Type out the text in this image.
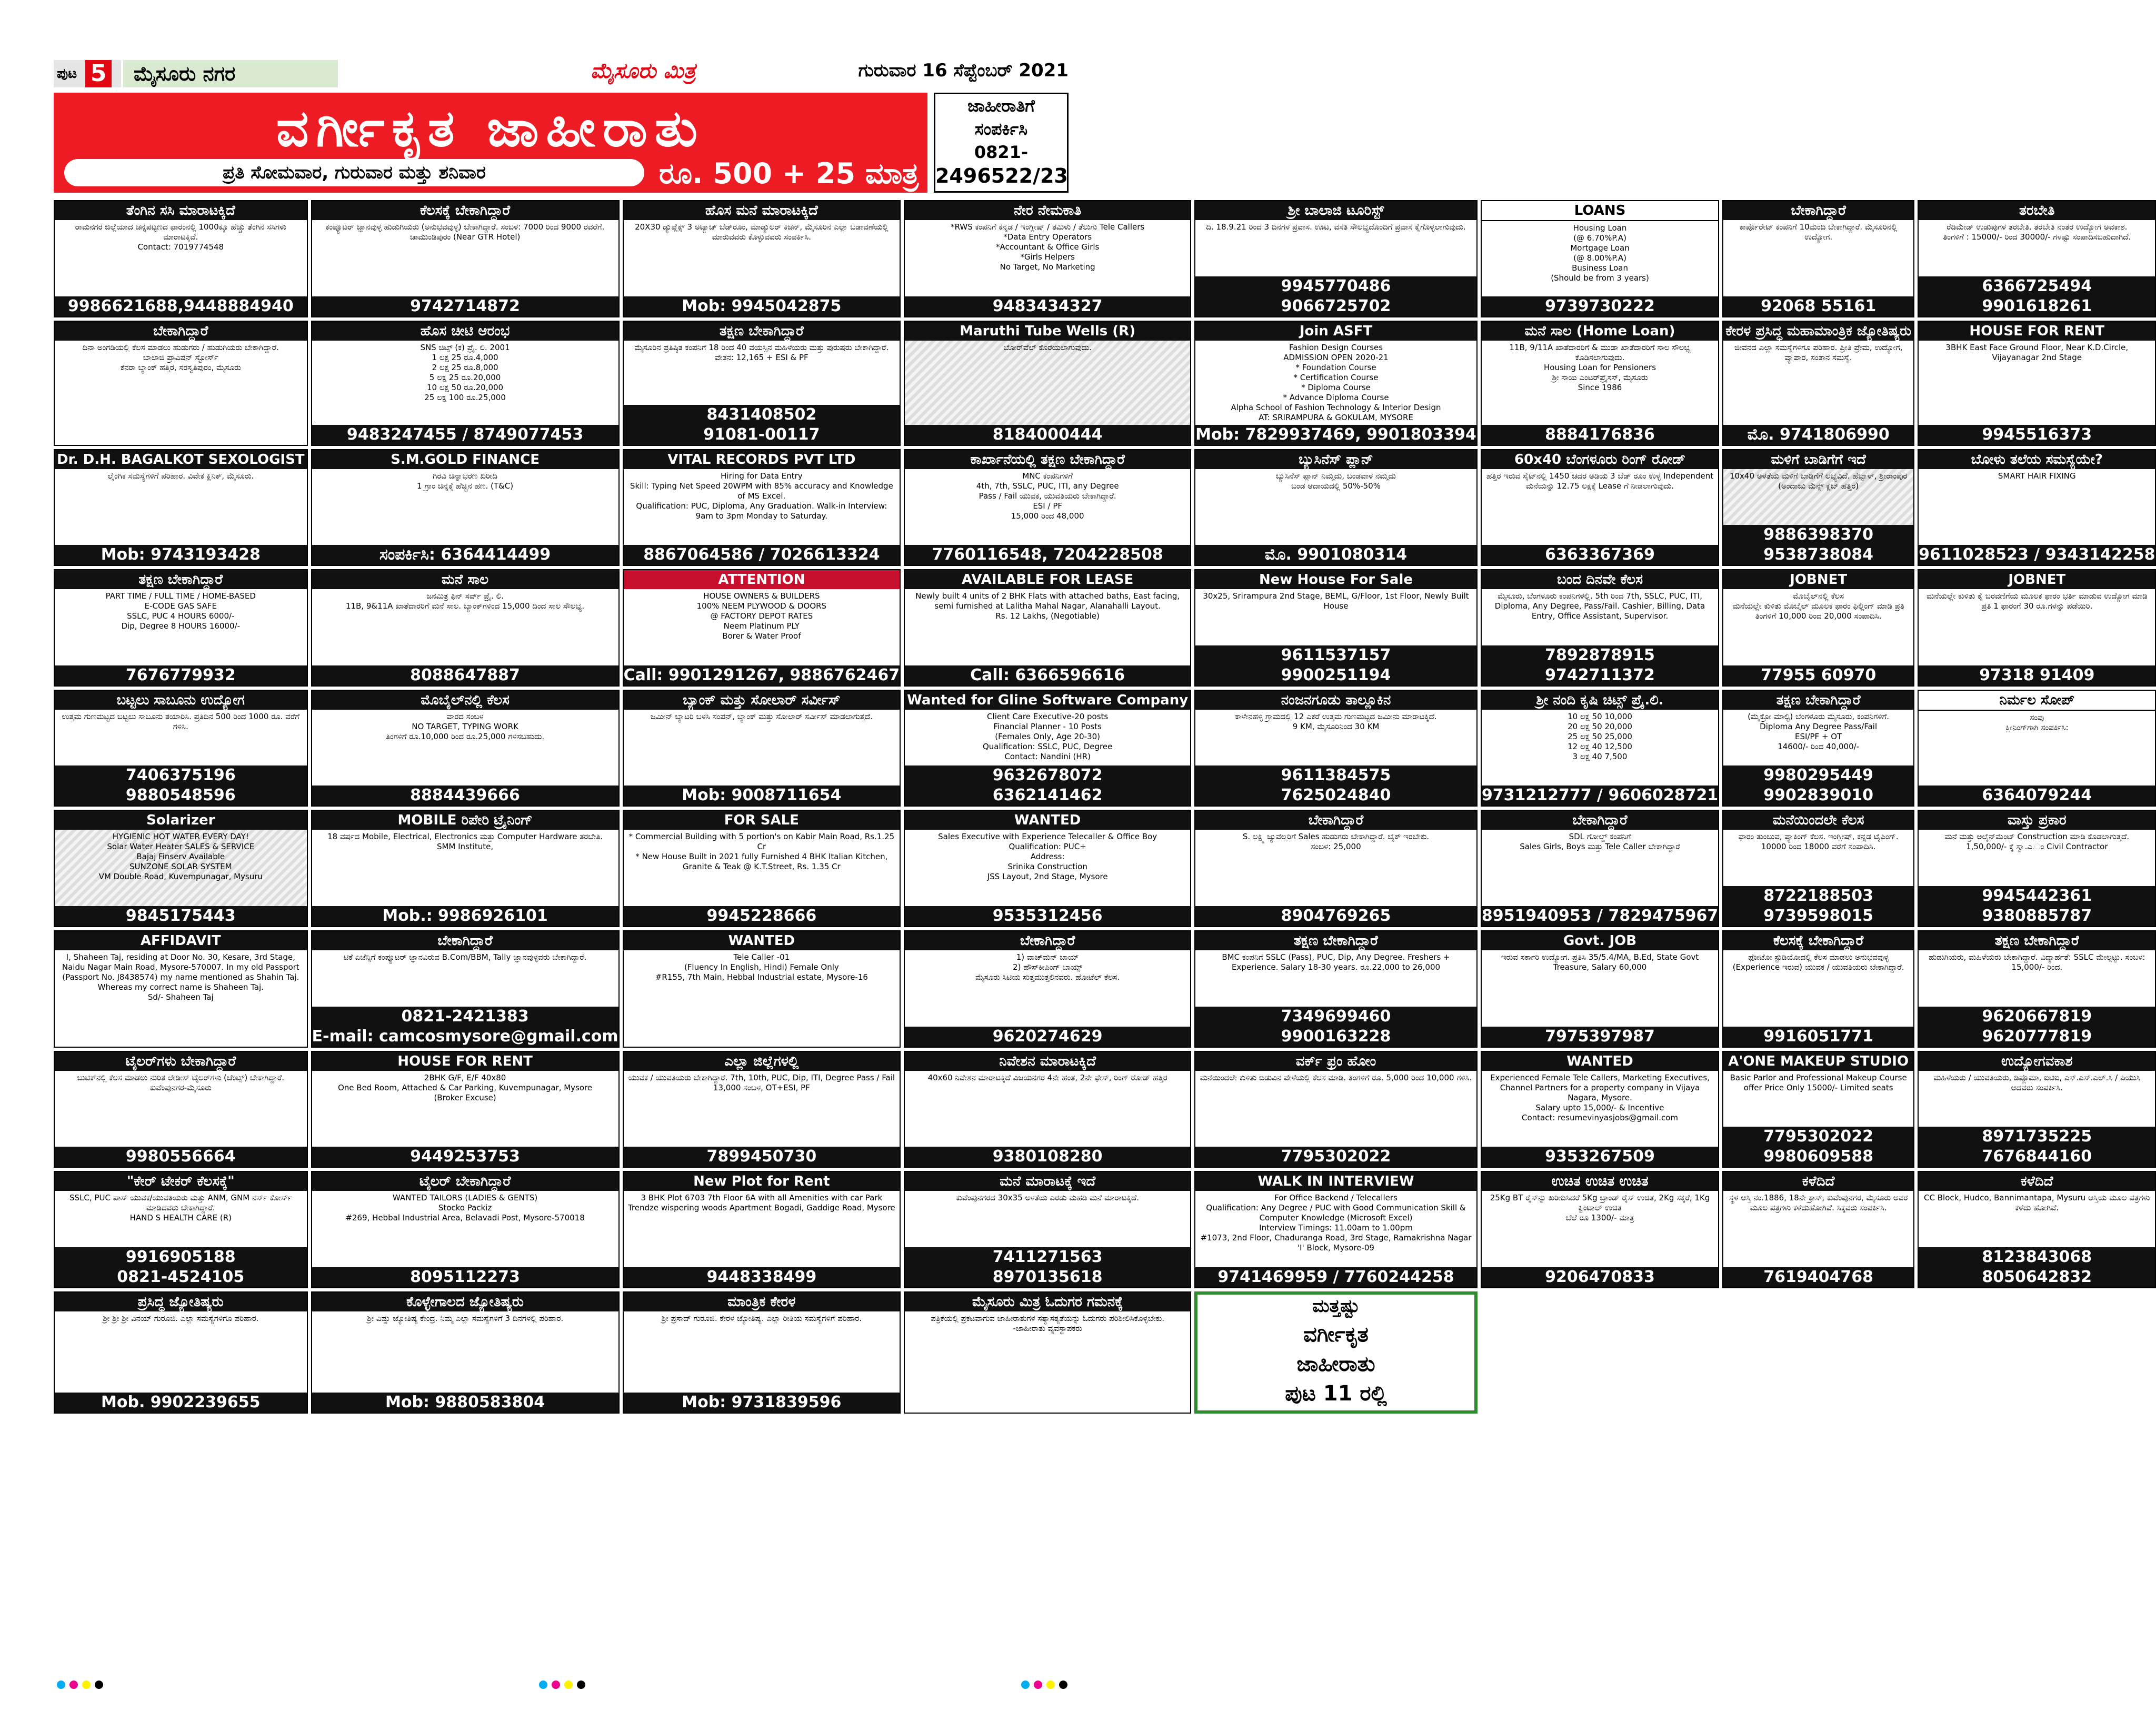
ಪುಟ 5	ಮೈಸೂರು ನಗರ	ಮೈಸೂರು ಮಿತ್ರ	ಗುರುವಾರ 16 ಸೆಪ್ಟೆಂಬರ್ 2021
ವರ್ಗೀಕೃತ ಜಾಹೀರಾತು
ಪ್ರತಿ ಸೋಮವಾರ, ಗುರುವಾರ ಮತ್ತು ಶನಿವಾರ	ರೂ. 500 + 25 ಮಾತ್ರ
ಜಾಹೀರಾತಿಗೆ
ಸಂಪರ್ಕಿಸಿ
0821-
2496522/23
ತೆಂಗಿನ ಸಸಿ ಮಾರಾಟಕ್ಕಿದೆ
ರಾಮನಗರ ಜಿಲ್ಲೆಯಾದ ಚನ್ನಪಟ್ಟಣದ ಫಾರಂನಲ್ಲಿ 1000ಕ್ಕೂ ಹೆಚ್ಚು ತೆಂಗಿನ ಸಸಿಗಳು ಮಾರಾಟಕ್ಕಿವೆ.
Contact: 7019774548
9986621688,9448884940
ಕೆಲಸಕ್ಕೆ ಬೇಕಾಗಿದ್ದಾರೆ
ಕಂಪ್ಯೂಟರ್ ಜ್ಞಾನವುಳ್ಳ ಹುಡುಗಿಯರು (ಅನುಭವವುಳ್ಳ) ಬೇಕಾಗಿದ್ದಾರೆ. ಸಂಬಳ: 7000 ರಿಂದ 9000 ರವರೆಗೆ.
ಚಾಮುಂಡಿಪುರಂ (Near GTR Hotel)
9742714872
ಹೊಸ ಮನೆ ಮಾರಾಟಕ್ಕಿದೆ
20X30 ಡ್ಯುಪ್ಲೆಕ್ಸ್ 3 ಅಟ್ಯಾಚ್ ಬೆಡ್‌ರೂಂ, ಮಾಡ್ಯುಲರ್ ಕಿಚನ್, ಮೈಸೂರಿನ ಎಲ್ಲಾ ಬಡಾವಣೆಯಲ್ಲಿ ಮಾರುವವರು ಕೊಳ್ಳುವವರು ಸಂಪರ್ಕಿಸಿ.
Mob: 9945042875
ನೇರ ನೇಮಕಾತಿ
*RWS ಕಂಪನಿಗೆ ಕನ್ನಡ / ಇಂಗ್ಲೀಷ್ / ತಮಿಳು / ತೆಲುಗು Tele Callers
*Data Entry Operators
*Accountant & Office Girls
*Girls Helpers
No Target, No Marketing
9483434327
ಶ್ರೀ ಬಾಲಾಜಿ ಟೂರಿಸ್ಟ್
ದಿ. 18.9.21 ರಿಂದ 3 ದಿನಗಳ ಪ್ರವಾಸ. ಊಟ, ವಸತಿ ಸೌಲಭ್ಯದೊಂದಿಗೆ ಪ್ರವಾಸ ಕೈಗೊಳ್ಳಲಾಗುವುದು.
9945770486
9066725702
LOANS
Housing Loan
(@ 6.70%P.A)
Mortgage Loan
(@ 8.00%P.A)
Business Loan
(Should be from 3 years)
9739730222
ಬೇಕಾಗಿದ್ದಾರೆ
ಕಾರ್ಪೊರೇಟ್ ಕಂಪನಿಗೆ 10ಮಂದಿ ಬೇಕಾಗಿದ್ದಾರೆ. ಮೈಸೂರಿನಲ್ಲಿ ಉದ್ಯೋಗ.
92068 55161
ತರಬೇತಿ
ರೆಡಿಮೇಡ್ ಉಡುಪುಗಳ ತರಬೇತಿ. ತರಬೇತಿ ನಂತರ ಉದ್ಯೋಗ ಅವಕಾಶ.
ತಿಂಗಳಿಗೆ : 15000/- ರಿಂದ 30000/- ಗಳಷ್ಟು ಸಂಪಾದಿಸಬಹುದಾಗಿದೆ.
6366725494
9901618261
ಬೇಕಾಗಿದ್ದಾರೆ
ದಿನಾ ಅಂಗಡಿಯಲ್ಲಿ ಕೆಲಸ ಮಾಡಲು ಹುಡುಗರು / ಹುಡುಗಿಯರು ಬೇಕಾಗಿದ್ದಾರೆ.
ಬಾಲಾಜಿ ಪ್ರಾವಿಷನ್ ಸ್ಟೋರ್ಸ್
ಕೆನರಾ ಬ್ಯಾಂಕ್ ಹತ್ತಿರ, ಸರಸ್ವತಿಪುರಂ, ಮೈಸೂರು
ಹೊಸ ಚೀಟಿ ಆರಂಭ
SNS ಚಿಟ್ಸ್ (ಕ) ಪ್ರೈ. ಲಿ. 2001
1 ಲಕ್ಷ 25 ರೂ.4,000
2 ಲಕ್ಷ 25 ರೂ.8,000
5 ಲಕ್ಷ 25 ರೂ.20,000
10 ಲಕ್ಷ 50 ರೂ.20,000
25 ಲಕ್ಷ 100 ರೂ.25,000
9483247455 / 8749077453
ತಕ್ಷಣ ಬೇಕಾಗಿದ್ದಾರೆ
ಮೈಸೂರಿನ ಪ್ರತಿಷ್ಠಿತ ಕಂಪನಿಗೆ 18 ರಿಂದ 40 ವಯಸ್ಸಿನ ಮಹಿಳೆಯರು ಮತ್ತು ಪುರುಷರು ಬೇಕಾಗಿದ್ದಾರೆ. ವೇತನ: 12,165 + ESI & PF
8431408502
91081-00117
Maruthi Tube Wells (R)
ಬೋರ್‌ವೆಲ್ ಕೊರೆಯಲಾಗುವುದು.
8184000444
Join ASFT
Fashion Design Courses
ADMISSION OPEN 2020-21
* Foundation Course
* Certification Course
* Diploma Course
* Advance Diploma Course
Alpha School of Fashion Technology & Interior Design
AT: SRIRAMPURA & GOKULAM, MYSORE
Mob: 7829937469, 9901803394
ಮನೆ ಸಾಲ (Home Loan)
11B, 9/11A ಖಾತೆದಾರರಿಗೆ & ಮುಡಾ ಖಾತೆದಾರರಿಗೆ ಸಾಲ ಸೌಲಭ್ಯ ಕೊಡಿಸಲಾಗುವುದು.
Housing Loan for Pensioners
ಶ್ರೀ ಸಾಯಿ ಎಂಟರ್‌ಪ್ರೈಸಸ್, ಮೈಸೂರು
Since 1986
8884176836
ಕೇರಳ ಪ್ರಸಿದ್ಧ ಮಹಾಮಾಂತ್ರಿಕ ಜ್ಯೋತಿಷ್ಯರು
ಜೀವನದ ಎಲ್ಲಾ ಸಮಸ್ಯೆಗಳಿಗೂ ಪರಿಹಾರ. ಪ್ರೀತಿ ಪ್ರೇಮ, ಉದ್ಯೋಗ, ವ್ಯಾಪಾರ, ಸಂತಾನ ಸಮಸ್ಯೆ.
ಮೊ. 9741806990
HOUSE FOR RENT
3BHK East Face Ground Floor, Near K.D.Circle, Vijayanagar 2nd Stage
9945516373
Dr. D.H. BAGALKOT SEXOLOGIST
ಲೈಂಗಿಕ ಸಮಸ್ಯೆಗಳಿಗೆ ಪರಿಹಾರ. ವಿವೇಕ ಕ್ಲಿನಿಕ್, ಮೈಸೂರು.
Mob: 9743193428
S.M.GOLD FINANCE
ಗಿರವಿ ಚಿನ್ನಾಭರಣ ಖರೀದಿ
1 ಗ್ರಾಂ ಚಿನ್ನಕ್ಕೆ ಹೆಚ್ಚಿನ ಹಣ. (T&C)
ಸಂಪರ್ಕಿಸಿ: 6364414499
VITAL RECORDS PVT LTD
Hiring for Data Entry
Skill: Typing Net Speed 20WPM with 85% accuracy and Knowledge of MS Excel.
Qualification: PUC, Diploma, Any Graduation. Walk-in Interview: 9am to 3pm Monday to Saturday.
8867064586 / 7026613324
ಕಾರ್ಖಾನೆಯಲ್ಲಿ ತಕ್ಷಣ ಬೇಕಾಗಿದ್ದಾರೆ
MNC ಕಂಪನಿಗಳಿಗೆ
4th, 7th, SSLC, PUC, ITI, any Degree
Pass / Fail ಯುವಕ, ಯುವತಿಯರು ಬೇಕಾಗಿದ್ದಾರೆ.
ESI / PF
15,000 ರಿಂದ 48,000
7760116548, 7204228508
ಬ್ಯುಸಿನೆಸ್ ಪ್ಲಾನ್
ಬ್ಯುಸಿನೆಸ್ ಪ್ಲಾನ್ ನಿಮ್ಮದು, ಬಂಡವಾಳ ನಮ್ಮದು
ಬಂಡ ಆದಾಯದಲ್ಲಿ 50%-50%
ಮೊ. 9901080314
60x40 ಬೆಂಗಳೂರು ರಿಂಗ್ ರೋಡ್
ಹತ್ತಿರ ಇರುವ ಸೈಟ್‌ನಲ್ಲಿ 1450 ಚದರ ಅಡಿಯ 3 ಬೆಡ್ ರೂಂ ಉಳ್ಳ Independent ಮನೆಯನ್ನು 12.75 ಲಕ್ಷಕ್ಕೆ Lease ಗೆ ನೀಡಲಾಗುವುದು.
6363367369
ಮಳಿಗೆ ಬಾಡಿಗೆಗೆ ಇದೆ
10x40 ಅಳತೆಯ ಮಳಿಗೆ ಬಾಡಿಗೆಗೆ ಲಭ್ಯವಿದೆ. ಹೆಬ್ಬಾಳ್, ಶ್ರೀರಾಂಪುರ (ಅಂದಾಜು ಮೆನ್ಸ್ ಕ್ಲಬ್ ಹತ್ತಿರ)
9886398370
9538738084
ಬೋಳು ತಲೆಯ ಸಮಸ್ಯೆಯೇ?
SMART HAIR FIXING
9611028523 / 9343142258
ತಕ್ಷಣ ಬೇಕಾಗಿದ್ದಾರೆ
PART TIME / FULL TIME / HOME-BASED
E-CODE GAS SAFE
SSLC, PUC 4 HOURS 6000/-
Dip, Degree 8 HOURS 16000/-
7676779932
ಮನೆ ಸಾಲ
ಜನಮಿತ್ರ ಫಿನ್ ಸರ್ವ್ ಪ್ರೈ. ಲಿ.
11B, 9&11A ಖಾತೆದಾರರಿಗೆ ಮನೆ ಸಾಲ. ಬ್ಯಾಂಕ್‌ಗಳಿಂದ 15,000 ದಿಂದ ಸಾಲ ಸೌಲಭ್ಯ.
8088647887
ATTENTION
HOUSE OWNERS & BUILDERS
100% NEEM PLYWOOD & DOORS
@ FACTORY DEPOT RATES
Neem Platinum PLY
Borer & Water Proof
Call: 9901291267, 9886762467
AVAILABLE FOR LEASE
Newly built 4 units of 2 BHK Flats with attached baths, East facing, semi furnished at Lalitha Mahal Nagar, Alanahalli Layout.
Rs. 12 Lakhs, (Negotiable)
Call: 6366596616
New House For Sale
30x25, Srirampura 2nd Stage, BEML, G/Floor, 1st Floor, Newly Built House
9611537157
9900251194
ಬಂದ ದಿನವೇ ಕೆಲಸ
ಮೈಸೂರು, ಬೆಂಗಳೂರು ಕಂಪನಿಗಳಲ್ಲಿ. 5th ರಿಂದ 7th, SSLC, PUC, ITI, Diploma, Any Degree, Pass/Fail. Cashier, Billing, Data Entry, Office Assistant, Supervisor.
7892878915
9742711372
JOBNET
ಮೊಬೈಲ್‌ನಲ್ಲಿ ಕೆಲಸ
ಮನೆಯಲ್ಲೇ ಕುಳಿತು ಮೊಬೈಲ್ ಮೂಲಕ ಫಾರಂ ಫಿಲ್ಲಿಂಗ್ ಮಾಡಿ ಪ್ರತಿ ತಿಂಗಳಿಗೆ 10,000 ರಿಂದ 20,000 ಸಂಪಾದಿಸಿ.
77955 60970
JOBNET
ಮನೆಯಲ್ಲೇ ಕುಳಿತು ಕೈ ಬರವಣಿಗೆಯ ಮೂಲಕ ಫಾರಂ ಭರ್ತಿ ಮಾಡುವ ಉದ್ಯೋಗ ಮಾಡಿ ಪ್ರತಿ 1 ಫಾರಂಗೆ 30 ರೂ.ಗಳನ್ನು ಪಡೆಯಿರಿ.
97318 91409
ಬಟ್ಟಲು ಸಾಬೂನು ಉದ್ಯೋಗ
ಉತ್ತಮ ಗುಣಮಟ್ಟದ ಬಟ್ಟಲು ಸಾಬೂನು ತಯಾರಿಸಿ. ಪ್ರತಿದಿನ 500 ರಿಂದ 1000 ರೂ. ವರೆಗೆ ಗಳಿಸಿ.
7406375196
9880548596
ಮೊಬೈಲ್‌ನಲ್ಲಿ ಕೆಲಸ
ವಾರದ ಸಂಬಳ
NO TARGET, TYPING WORK
ತಿಂಗಳಿಗೆ ರೂ.10,000 ರಿಂದ ರೂ.25,000 ಗಳಿಸಬಹುದು.
8884439666
ಬ್ಯಾಂಕ್ ಮತ್ತು ಸೋಲಾರ್ ಸರ್ವೀಸ್
ಜಮೀನ್ ಬ್ಯಾಟರಿ ಬಳಸಿ ಸಂಪನ್, ಬ್ಯಾಂಕ್ ಮತ್ತು ಸೋಲಾರ್ ಸರ್ವೀಸ್ ಮಾಡಲಾಗುತ್ತದೆ.
Mob: 9008711654
Wanted for Gline Software Company
Client Care Executive-20 posts
Financial Planner - 10 Posts
(Females Only, Age 20-30)
Qualification: SSLC, PUC, Degree
Contact: Nandini (HR)
9632678072
6362141462
ನಂಜನಗೂಡು ತಾಲ್ಲೂಕಿನ
ಕಾಳೇನಹಳ್ಳಿ ಗ್ರಾಮದಲ್ಲಿ 12 ಎಕರೆ ಉತ್ತಮ ಗುಣಮಟ್ಟದ ಜಮೀನು ಮಾರಾಟಕ್ಕಿದೆ.
9 KM, ಮೈಸೂರಿನಿಂದ 30 KM
9611384575
7625024840
ಶ್ರೀ ನಂದಿ ಕೃಷಿ ಚಿಟ್ಸ್ ಪ್ರೈ.ಲಿ.
10 ಲಕ್ಷ 50 10,000
20 ಲಕ್ಷ 50 20,000
25 ಲಕ್ಷ 50 25,000
12 ಲಕ್ಷ 40 12,500
3 ಲಕ್ಷ 40 7,500
9731212777 / 9606028721
ತಕ್ಷಣ ಬೇಕಾಗಿದ್ದಾರೆ
(ಮೈಕ್ರೋ ಮಾಲ್ಟಿ) ಬೆಂಗಳೂರು ಮೈಸೂರು, ಕಂಪನಿಗಳಿಗೆ.
Diploma Any Degree Pass/Fail
ESI/PF + OT
14600/- ರಿಂದ 40,000/-
9980295449
9902839010
ನಿರ್ಮಲ ಸೋಪ್
ಸಂಪು
ಕ್ಲೀನಿಂಗ್‌ಗಾಗಿ ಸಂಪರ್ಕಿಸಿ:
6364079244
Solarizer
HYGIENIC HOT WATER EVERY DAY!
Solar Water Heater SALES & SERVICE
Bajaj Finserv Available
SUNZONE SOLAR SYSTEM
VM Double Road, Kuvempunagar, Mysuru
9845175443
MOBILE ರಿಪೇರಿ ಟ್ರೈನಿಂಗ್
18 ವರ್ಷದ Mobile, Electrical, Electronics ಮತ್ತು Computer Hardware ತರಬೇತಿ.
SMM Institute,
Mob.: 9986926101
FOR SALE
* Commercial Building with 5 portion's on Kabir Main Road, Rs.1.25 Cr
* New House Built in 2021 fully Furnished 4 BHK Italian Kitchen, Granite & Teak @ K.T.Street, Rs. 1.35 Cr
9945228666
WANTED
Sales Executive with Experience Telecaller & Office Boy
Qualification: PUC+
Address:
Srinika Construction
JSS Layout, 2nd Stage, Mysore
9535312456
ಬೇಕಾಗಿದ್ದಾರೆ
S. ಲಕ್ಷ್ಮಿ ಜ್ಯುವೆಲ್ಲರಿಗೆ Sales ಹುಡುಗರು ಬೇಕಾಗಿದ್ದಾರೆ. ಬೈಕ್ ಇರಬೇಕು.
ಸಂಬಳ: 25,000
8904769265
ಬೇಕಾಗಿದ್ದಾರೆ
SDL ಗೋಲ್ಡ್ ಕಂಪನಿಗೆ
Sales Girls, Boys ಮತ್ತು Tele Caller ಬೇಕಾಗಿದ್ದಾರೆ
8951940953 / 7829475967
ಮನೆಯಿಂದಲೇ ಕೆಲಸ
ಫಾರಂ ತುಂಬುವ, ಪ್ಯಾಕಿಂಗ್ ಕೆಲಸ. ಇಂಗ್ಲೀಷ್, ಕನ್ನಡ ಟೈಪಿಂಗ್. 10000 ರಿಂದ 18000 ವರೆಗೆ ಸಂಪಾದಿಸಿ.
8722188503
9739598015
ವಾಸ್ತು ಪ್ರಕಾರ
ಮನೆ ಮತ್ತು ಅಲೈನ್‌ಮೆಂಟ್ Construction ಮಾಡಿ ಕೊಡಲಾಗುತ್ತದೆ.
1,50,000/- ಕ್ಕೆ ಸ್ವಾ.ಎ.ಂ Civil Contractor
9945442361
9380885787
AFFIDAVIT
I, Shaheen Taj, residing at Door No. 30, Kesare, 3rd Stage, Naidu Nagar Main Road, Mysore-570007. In my old Passport (Passport No. J8438574) my name mentioned as Shahin Taj. Whereas my correct name is Shaheen Taj.
Sd/- Shaheen Taj
ಬೇಕಾಗಿದ್ದಾರೆ
ಟಿಕೆ ಏಜೆನ್ಸಿಗೆ ಕಂಪ್ಯೂಟರ್ ಜ್ಞಾನವಿರುವ B.Com/BBM, Tally ಜ್ಞಾನವುಳ್ಳವರು ಬೇಕಾಗಿದ್ದಾರೆ.
0821-2421383
E-mail: camcosmysore@gmail.com
WANTED
Tele Caller -01
(Fluency In English, Hindi) Female Only
#R155, 7th Main, Hebbal Industrial estate, Mysore-16
ಬೇಕಾಗಿದ್ದಾರೆ
1) ವಾಚ್‌ಮನ್ ಬಾಯ್
2) ಹೌಸ್‌ಕೀಪಿಂಗ್ ಬಾಯ್ಸ್
ಮೈಸೂರು ಸಿಟಿಯ ಸುತ್ತಮುತ್ತಲಿನವರು. ಹೋಟೆಲ್ ಕೆಲಸ.
9620274629
ತಕ್ಷಣ ಬೇಕಾಗಿದ್ದಾರೆ
BMC ಕಂಪನಿಗೆ SSLC (Pass), PUC, Dip, Any Degree. Freshers + Experience. Salary 18-30 years. ರೂ.22,000 to 26,000
7349699460
9900163228
Govt. JOB
ಇರುವ ಸರ್ಕಾರಿ ಉದ್ಯೋಗ. ಪ್ರತಿಸಿ 35/5.4/MA, B.Ed, State Govt Treasure, Salary 60,000
7975397987
ಕೆಲಸಕ್ಕೆ ಬೇಕಾಗಿದ್ದಾರೆ
ಫೋಟೋ ಸ್ಟುಡಿಯೋದಲ್ಲಿ ಕೆಲಸ ಮಾಡಲು ಅನುಭವವುಳ್ಳ (Experience ಇರುವ) ಯುವಕ / ಯುವತಿಯರು ಬೇಕಾಗಿದ್ದಾರೆ.
9916051771
ತಕ್ಷಣ ಬೇಕಾಗಿದ್ದಾರೆ
ಹುಡುಗಿಯರು, ಮಹಿಳೆಯರು ಬೇಕಾಗಿದ್ದಾರೆ. ವಿದ್ಯಾರ್ಹತೆ: SSLC ಮೇಲ್ಪಟ್ಟು. ಸಂಬಳ: 15,000/- ರಿಂದ.
9620667819
9620777819
ಟೈಲರ್‌ಗಳು ಬೇಕಾಗಿದ್ದಾರೆ
ಬುಟಿಕ್‌ನಲ್ಲಿ ಕೆಲಸ ಮಾಡಲು ನುರಿತ ಲೇಡೀಸ್ ಟೈಲರ್‌ಗಳು (ಜೆಂಟ್ಸ್) ಬೇಕಾಗಿದ್ದಾರೆ.
ಕುವೆಂಪುನಗರ-ಮೈಸೂರು
9980556664
HOUSE FOR RENT
2BHK G/F, E/F 40x80
One Bed Room, Attached & Car Parking, Kuvempunagar, Mysore
(Broker Excuse)
9449253753
ಎಲ್ಲಾ ಜಿಲ್ಲೆಗಳಲ್ಲಿ
ಯುವಕ / ಯುವತಿಯರು ಬೇಕಾಗಿದ್ದಾರೆ. 7th, 10th, PUC, Dip, ITI, Degree Pass / Fail 13,000 ಸಂಬಳ, OT+ESI, PF
7899450730
ನಿವೇಶನ ಮಾರಾಟಕ್ಕಿದೆ
40x60 ನಿವೇಶನ ಮಾರಾಟಕ್ಕಿದೆ ವಿಜಯನಗರ 4ನೇ ಹಂತ, 2ನೇ ಫೇಸ್, ರಿಂಗ್ ರೋಡ್ ಹತ್ತಿರ
9380108280
ವರ್ಕ್ ಫ್ರಂ ಹೋಂ
ಮನೆಯಿಂದಲೇ ಕುಳಿತು ಬಿಡುವಿನ ವೇಳೆಯಲ್ಲಿ ಕೆಲಸ ಮಾಡಿ. ತಿಂಗಳಿಗೆ ರೂ. 5,000 ರಿಂದ 10,000 ಗಳಿಸಿ.
7795302022
WANTED
Experienced Female Tele Callers, Marketing Executives, Channel Partners for a property company in Vijaya Nagara, Mysore.
Salary upto 15,000/- & Incentive
Contact: resumevinyasjobs@gmail.com
9353267509
A'ONE MAKEUP STUDIO
Basic Parlor and Professional Makeup Course offer Price Only 15000/- Limited seats
7795302022
9980609588
ಉದ್ಯೋಗವಕಾಶ
ಮಹಿಳೆಯರು / ಯುವತಿಯರು, ಡಿಪ್ಲೊಮಾ, ಐಟಿಐ, ಎಸ್.ಎಸ್.ಎಲ್.ಸಿ / ಪಿಯುಸಿ ಆದವರು ಸಂಪರ್ಕಿಸಿ.
8971735225
7676844160
"ಕೇರ್ ಟೇಕರ್ ಕೆಲಸಕ್ಕೆ"
SSLC, PUC ಪಾಸ್ ಯುವಕ/ಯುವತಿಯರು ಮತ್ತು ANM, GNM ನರ್ಸ್ ಕೋರ್ಸ್ ಮಾಡಿದವರು ಬೇಕಾಗಿದ್ದಾರೆ.
HAND S HEALTH CARE (R)
9916905188
0821-4524105
ಟೈಲರ್ ಬೇಕಾಗಿದ್ದಾರೆ
WANTED TAILORS (LADIES & GENTS)
Stocko Packiz
#269, Hebbal Industrial Area, Belavadi Post, Mysore-570018
8095112273
New Plot for Rent
3 BHK Plot 6703 7th Floor 6A with all Amenities with car Park Trendze wispering woods Apartment Bogadi, Gaddige Road, Mysore
9448338499
ಮನೆ ಮಾರಾಟಕ್ಕೆ ಇದೆ
ಕುವೆಂಪುನಗರದ 30x35 ಅಳತೆಯ ಎರಡು ಮಹಡಿ ಮನೆ ಮಾರಾಟಕ್ಕಿದೆ.
7411271563
8970135618
WALK IN INTERVIEW
For Office Backend / Telecallers
Qualification: Any Degree / PUC with Good Communication Skill & Computer Knowledge (Microsoft Excel)
Interview Timings: 11.00am to 1.00pm
#1073, 2nd Floor, Chaduranga Road, 3rd Stage, Ramakrishna Nagar 'I' Block, Mysore-09
9741469959 / 7760244258
ಉಚಿತ ಉಚಿತ ಉಚಿತ
25Kg BT ರೈಸ್‌ನ್ನು ಖರೀದಿಸಿದರೆ 5Kg ಬ್ರಾಂಡ್ ರೈಸ್ ಉಚಿತ, 2Kg ಸಕ್ಕರೆ, 1Kg ಕ್ವಿಂಟಾಲ್ ಉಚಿತ
ಬೆಲೆ ರೂ 1300/- ಮಾತ್ರ
9206470833
ಕಳೆದಿದೆ
ಸ್ಥಳ ಆಸ್ತಿ ನಂ.1886, 18ನೇ ಕ್ರಾಸ್, ಕುವೆಂಪುನಗರ, ಮೈಸೂರು ಅವರ ಮೂಲ ಪತ್ರಗಳು ಕಳೆದುಹೋಗಿವೆ. ಸಿಕ್ಕವರು ಸಂಪರ್ಕಿಸಿ.
7619404768
ಕಳೆದಿದೆ
CC Block, Hudco, Bannimantapa, Mysuru ಆಸ್ತಿಯ ಮೂಲ ಪತ್ರಗಳು ಕಳೆದು ಹೋಗಿವೆ.
8123843068
8050642832
ಪ್ರಸಿದ್ಧ ಜ್ಯೋತಿಷ್ಯರು
ಶ್ರೀ ಶ್ರೀ ಶ್ರೀ ವಿನಯ್ ಗುರೂಜಿ. ಎಲ್ಲಾ ಸಮಸ್ಯೆಗಳಿಗೂ ಪರಿಹಾರ.
Mob. 9902239655
ಕೊಳ್ಳೇಗಾಲದ ಜ್ಯೋತಿಷ್ಯರು
ಶ್ರೀ ವಿಷ್ಣು ಜ್ಯೋತಿಷ್ಯ ಕೇಂದ್ರ. ನಿಮ್ಮ ಎಲ್ಲಾ ಸಮಸ್ಯೆಗಳಿಗೆ 3 ದಿನಗಳಲ್ಲಿ ಪರಿಹಾರ.
Mob: 9880583804
ಮಾಂತ್ರಿಕ ಕೇರಳ
ಶ್ರೀ ಪ್ರಸಾದ್ ಗುರೂಜಿ. ಕೇರಳ ಜ್ಯೋತಿಷ್ಯ. ಎಲ್ಲಾ ರೀತಿಯ ಸಮಸ್ಯೆಗಳಿಗೆ ಪರಿಹಾರ.
Mob: 9731839596
ಮೈಸೂರು ಮಿತ್ರ ಓದುಗರ ಗಮನಕ್ಕೆ
ಪತ್ರಿಕೆಯಲ್ಲಿ ಪ್ರಕಟವಾಗುವ ಜಾಹೀರಾತುಗಳ ಸತ್ಯಾಸತ್ಯತೆಯನ್ನು ಓದುಗರು ಪರಿಶೀಲಿಸಿಕೊಳ್ಳಬೇಕು.
-ಜಾಹೀರಾತು ವ್ಯವಸ್ಥಾಪಕರು
ಮತ್ತಷ್ಟು
ವರ್ಗೀಕೃತ
ಜಾಹೀರಾತು
ಪುಟ 11 ರಲ್ಲಿ
